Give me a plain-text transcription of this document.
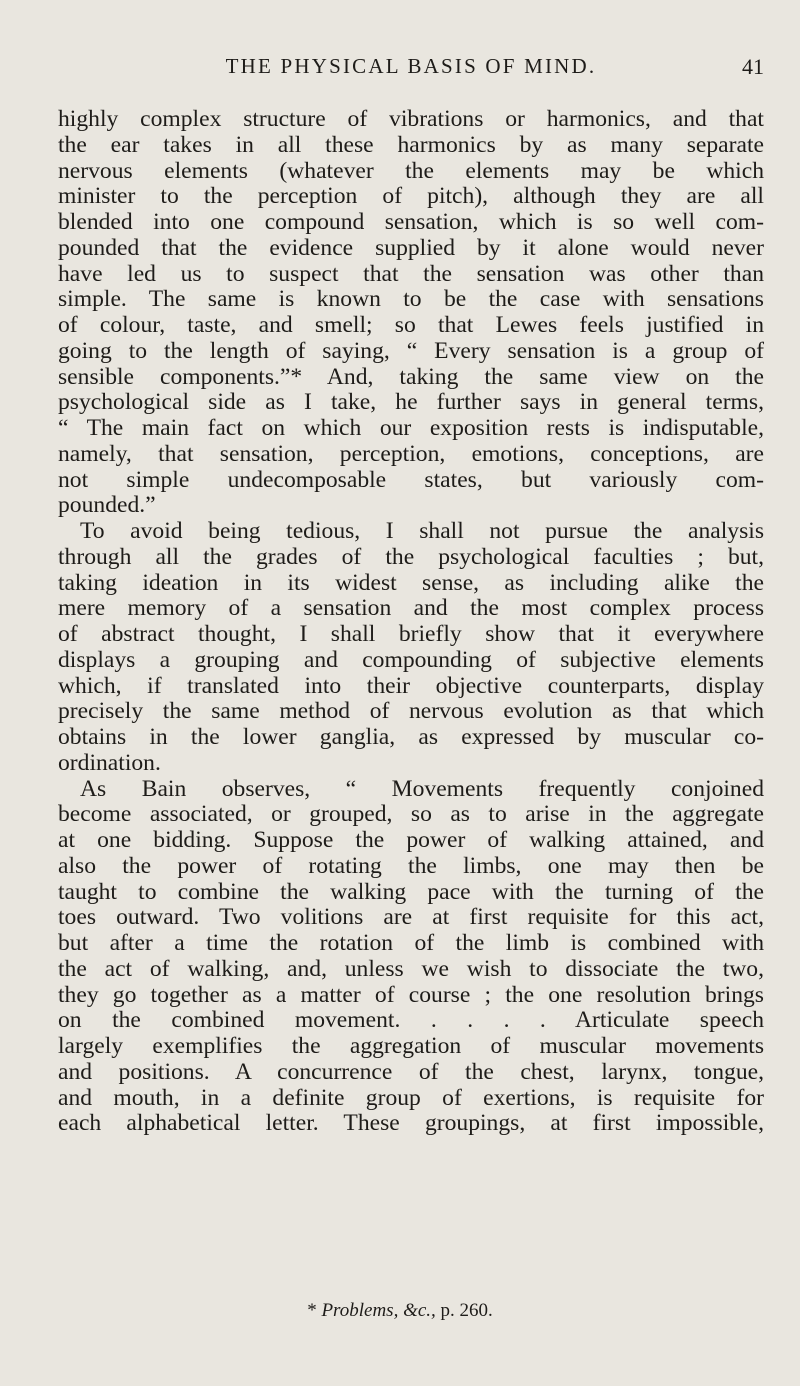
THE PHYSICAL BASIS OF MIND.	41
highly complex structure of vibrations or harmonics, and that
the ear takes in all these harmonics by as many separate
nervous elements (whatever the elements may be which
minister to the perception of pitch), although they are all
blended into one compound sensation, which is so well com-
pounded that the evidence supplied by it alone would never
have led us to suspect that the sensation was other than
simple. The same is known to be the case with sensations
of colour, taste, and smell; so that Lewes feels justified in
going to the length of saying, “ Every sensation is a group of
sensible components.”* And, taking the same view on the
psychological side as I take, he further says in general terms,
“ The main fact on which our exposition rests is indisputable,
namely, that sensation, perception, emotions, conceptions, are
not simple undecomposable states, but variously com-
pounded.”
To avoid being tedious, I shall not pursue the analysis
through all the grades of the psychological faculties ; but,
taking ideation in its widest sense, as including alike the
mere memory of a sensation and the most complex process
of abstract thought, I shall briefly show that it everywhere
displays a grouping and compounding of subjective elements
which, if translated into their objective counterparts, display
precisely the same method of nervous evolution as that which
obtains in the lower ganglia, as expressed by muscular co-
ordination.
As Bain observes, “ Movements frequently conjoined
become associated, or grouped, so as to arise in the aggregate
at one bidding. Suppose the power of walking attained, and
also the power of rotating the limbs, one may then be
taught to combine the walking pace with the turning of the
toes outward. Two volitions are at first requisite for this act,
but after a time the rotation of the limb is combined with
the act of walking, and, unless we wish to dissociate the two,
they go together as a matter of course ; the one resolution brings
on the combined movement. . . . . Articulate speech
largely exemplifies the aggregation of muscular movements
and positions. A concurrence of the chest, larynx, tongue,
and mouth, in a definite group of exertions, is requisite for
each alphabetical letter. These groupings, at first impossible,
* Problems, &c., p. 260.
